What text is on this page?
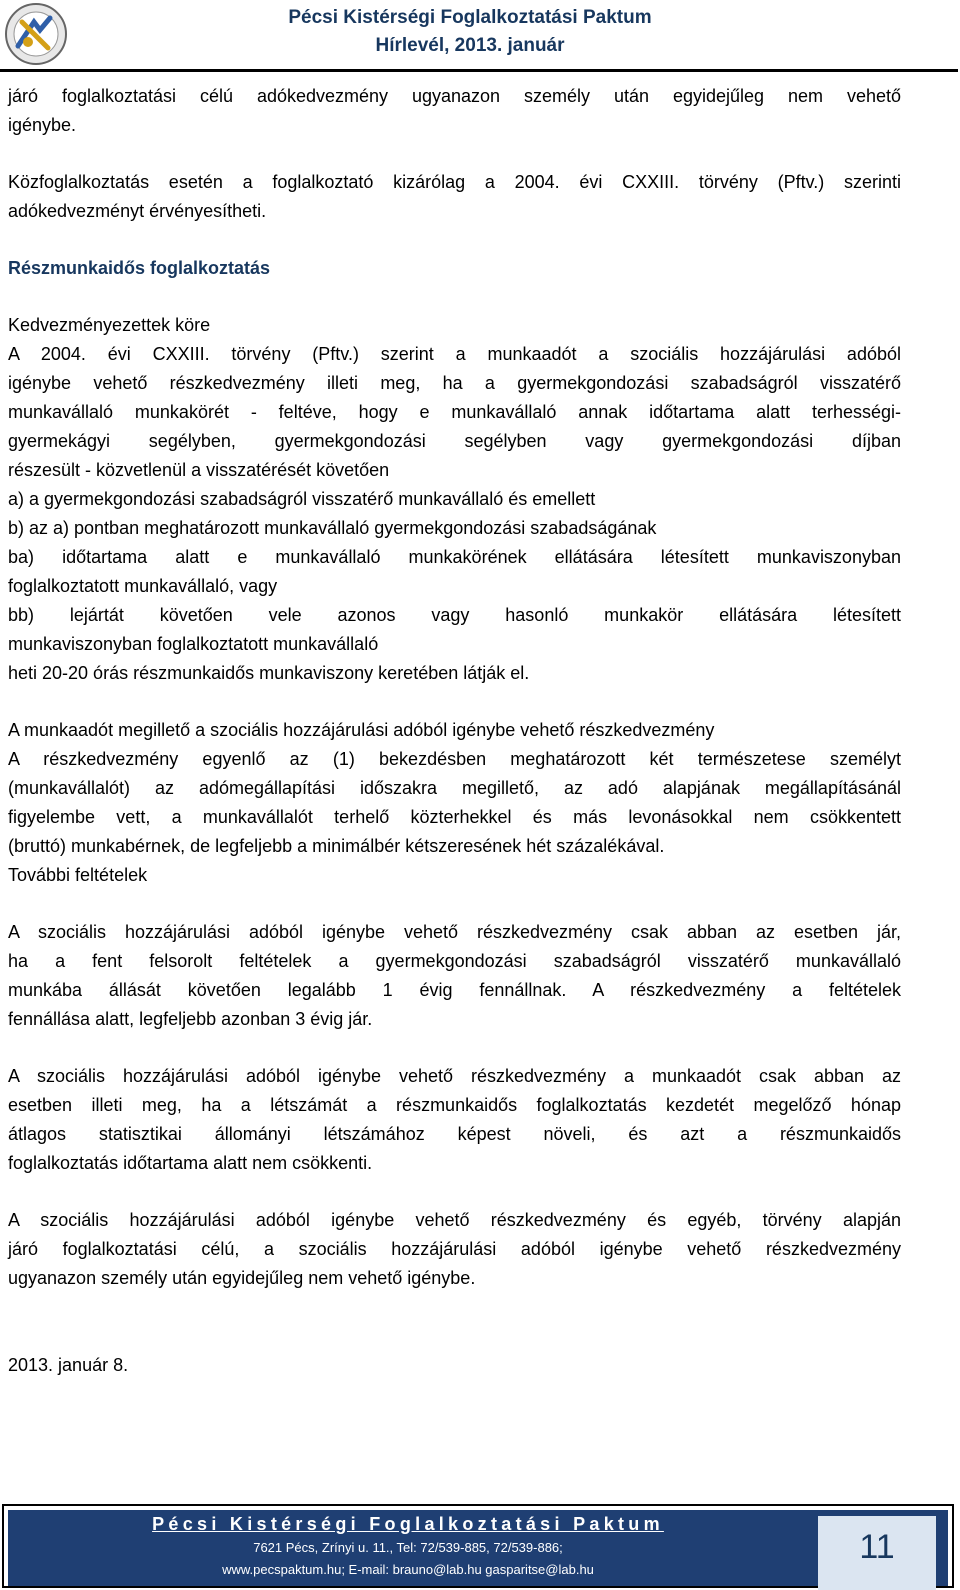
Pécsi Kistérségi Foglalkoztatási Paktum
Hírlevél, 2013. január

járó foglalkoztatási célú adókedvezmény ugyanazon személy után egyidejűleg nem vehető

igénybe.

Közfoglalkoztatás esetén a foglalkoztató kizárólag a 2004. évi CXXIII. törvény (Pftv.) szerinti

adókedvezményt érvényesítheti.

Részmunkaidős foglalkoztatás

Kedvezményezettek köre

A 2004. évi CXXIII. törvény (Pftv.) szerint a munkaadót a szociális hozzájárulási adóból

igénybe vehető részkedvezmény illeti meg, ha a gyermekgondozási szabadságról visszatérő

munkavállaló munkakörét - feltéve, hogy e munkavállaló annak időtartama alatt terhességi-

gyermekágyi segélyben, gyermekgondozási segélyben vagy gyermekgondozási díjban

részesült - közvetlenül a visszatérését követően

a) a gyermekgondozási szabadságról visszatérő munkavállaló és emellett

b) az a) pontban meghatározott munkavállaló gyermekgondozási szabadságának

ba) időtartama alatt e munkavállaló munkakörének ellátására létesített munkaviszonyban

foglalkoztatott munkavállaló, vagy

bb) lejártát követően vele azonos vagy hasonló munkakör ellátására létesített

munkaviszonyban foglalkoztatott munkavállaló

heti 20-20 órás részmunkaidős munkaviszony keretében látják el.

A munkaadót megillető a szociális hozzájárulási adóból igénybe vehető részkedvezmény

A részkedvezmény egyenlő az (1) bekezdésben meghatározott két természetese személyt

(munkavállalót) az adómegállapítási időszakra megillető, az adó alapjának megállapításánál

figyelembe vett, a munkavállalót terhelő közterhekkel és más levonásokkal nem csökkentett

(bruttó) munkabérnek, de legfeljebb a minimálbér kétszeresének hét százalékával.

További feltételek

A szociális hozzájárulási adóból igénybe vehető részkedvezmény csak abban az esetben jár,

ha a fent felsorolt feltételek a gyermekgondozási szabadságról visszatérő munkavállaló

munkába állását követően legalább 1 évig fennállnak. A részkedvezmény a feltételek

fennállása alatt, legfeljebb azonban 3 évig jár.

A szociális hozzájárulási adóból igénybe vehető részkedvezmény a munkaadót csak abban az

esetben illeti meg, ha a létszámát a részmunkaidős foglalkoztatás kezdetét megelőző hónap

átlagos statisztikai állományi létszámához képest növeli, és azt a részmunkaidős

foglalkoztatás időtartama alatt nem csökkenti.

A szociális hozzájárulási adóból igénybe vehető részkedvezmény és egyéb, törvény alapján

járó foglalkoztatási célú, a szociális hozzájárulási adóból igénybe vehető részkedvezmény

ugyanazon személy után egyidejűleg nem vehető igénybe.

2013. január 8.

Pécsi Kistérségi Foglalkoztatási Paktum
7621 Pécs, Zrínyi u. 11., Tel: 72/539-885, 72/539-886;
www.pecspaktum.hu; E-mail: brauno@lab.hu gasparitse@lab.hu
11
